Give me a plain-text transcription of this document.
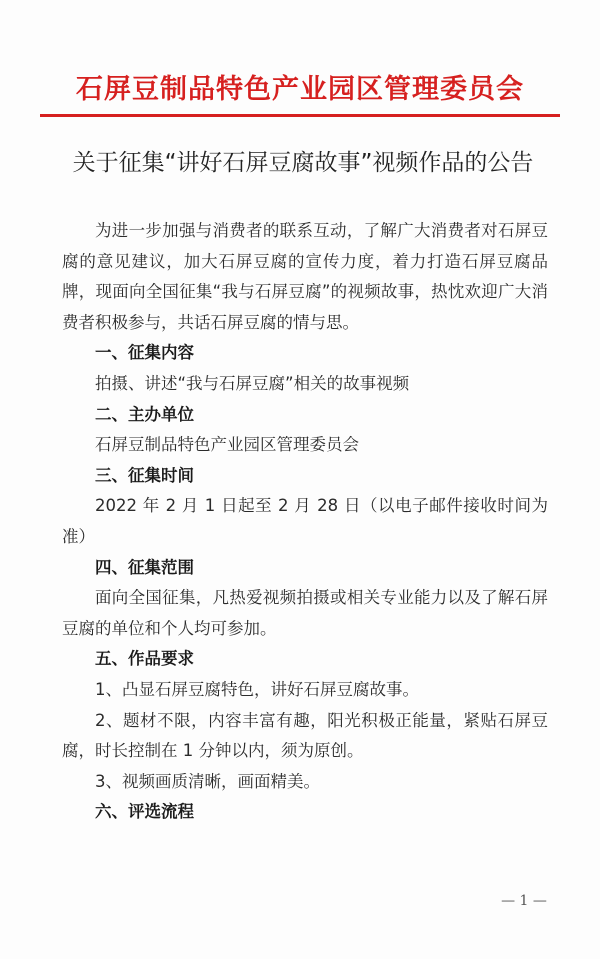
石屏豆制品特色产业园区管理委员会
关于征集“讲好石屏豆腐故事”视频作品的公告

为进一步加强与消费者的联系互动，了解广大消费者对石屏豆腐的意见建议，加大石屏豆腐的宣传力度，着力打造石屏豆腐品牌，现面向全国征集“我与石屏豆腐”的视频故事，热忱欢迎广大消费者积极参与，共话石屏豆腐的情与思。

一、征集内容

拍摄、讲述“我与石屏豆腐”相关的故事视频

二、主办单位

石屏豆制品特色产业园区管理委员会

三、征集时间

2022 年 2 月 1 日起至 2 月 28 日（以电子邮件接收时间为准）

四、征集范围

面向全国征集，凡热爱视频拍摄或相关专业能力以及了解石屏豆腐的单位和个人均可参加。

五、作品要求

1、凸显石屏豆腐特色，讲好石屏豆腐故事。

2、题材不限，内容丰富有趣，阳光积极正能量，紧贴石屏豆腐，时长控制在 1 分钟以内，须为原创。

3、视频画质清晰，画面精美。

六、评选流程

— 1 —
